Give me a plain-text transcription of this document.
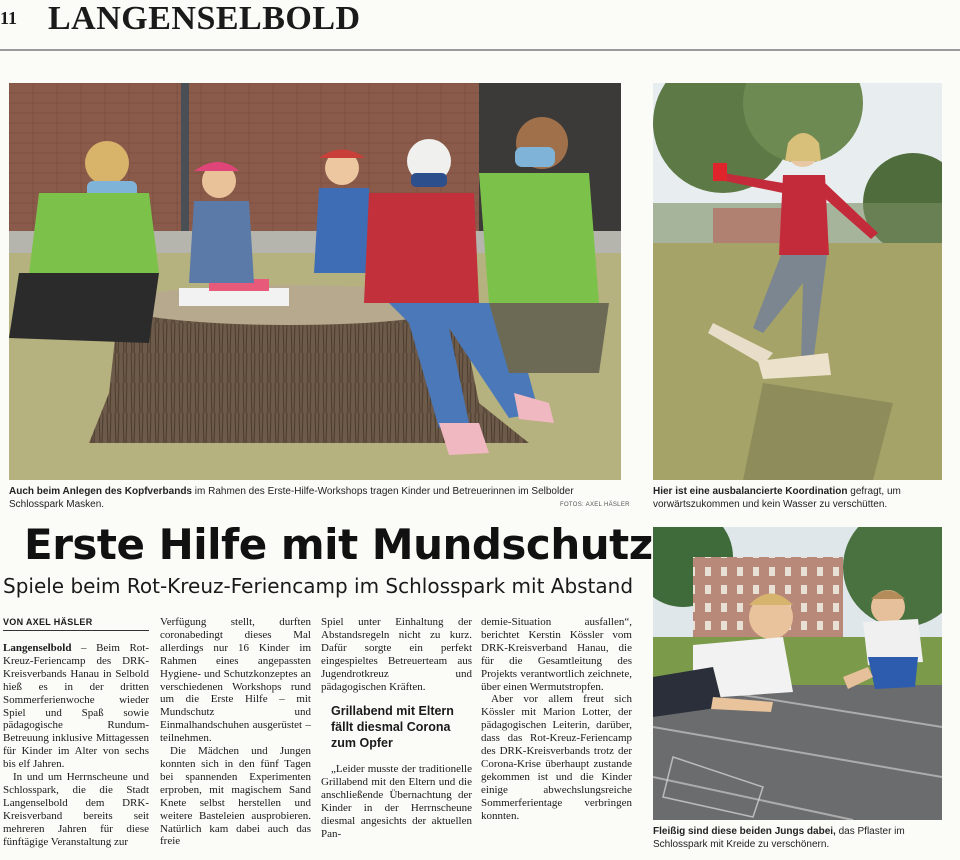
11 LANGENSELBOLD
Auch beim Anlegen des Kopfverbands im Rahmen des Erste-Hilfe-Workshops tragen Kinder und Betreuerinnen im Selbolder Schlosspark Masken.	FOTOS: AXEL HÄSLER
Hier ist eine ausbalancierte Koordination gefragt, um vorwärtszukommen und kein Wasser zu verschütten.
Fleißig sind diese beiden Jungs dabei, das Pflaster im Schlosspark mit Kreide zu verschönern.
Erste Hilfe mit Mundschutz
Spiele beim Rot-Kreuz-Feriencamp im Schlosspark mit Abstand
VON AXEL HÄSLER

Langenselbold – Beim Rot-Kreuz-Feriencamp des DRK-Kreisverbands Hanau in Selbold hieß es in der dritten Sommerferienwoche wieder Spiel und Spaß sowie pädagogische Rundum-Betreuung inklusive Mittagessen für Kinder im Alter von sechs bis elf Jahren.

In und um Herrnscheune und Schlosspark, die die Stadt Langenselbold dem DRK-Kreisverband bereits seit mehreren Jahren für diese fünftägige Veranstaltung zur

Verfügung stellt, durften coronabedingt dieses Mal allerdings nur 16 Kinder im Rahmen eines angepassten Hygiene- und Schutzkonzeptes an verschiedenen Workshops rund um die Erste Hilfe – mit Mundschutz und Einmalhandschuhen ausgerüstet – teilnehmen.

Die Mädchen und Jungen konnten sich in den fünf Tagen bei spannenden Experimenten erproben, mit magischem Sand Knete selbst herstellen und weitere Basteleien ausprobieren. Natürlich kam dabei auch das freie

Spiel unter Einhaltung der Abstandsregeln nicht zu kurz. Dafür sorgte ein perfekt eingespieltes Betreuerteam aus Jugendrotkreuz und pädagogischen Kräften.

Grillabend mit Eltern fällt diesmal Corona zum Opfer

„Leider musste der traditionelle Grillabend mit den Eltern und die anschließende Übernachtung der Kinder in der Herrnscheune diesmal angesichts der aktuellen Pan-

demie-Situation ausfallen“, berichtet Kerstin Kössler vom DRK-Kreisverband Hanau, die für die Gesamtleitung des Projekts verantwortlich zeichnete, über einen Wermutstropfen.

Aber vor allem freut sich Kössler mit Marion Lotter, der pädagogischen Leiterin, darüber, dass das Rot-Kreuz-Feriencamp des DRK-Kreisverbands trotz der Corona-Krise überhaupt zustande gekommen ist und die Kinder einige abwechslungsreiche Sommerferientage verbringen konnten.
